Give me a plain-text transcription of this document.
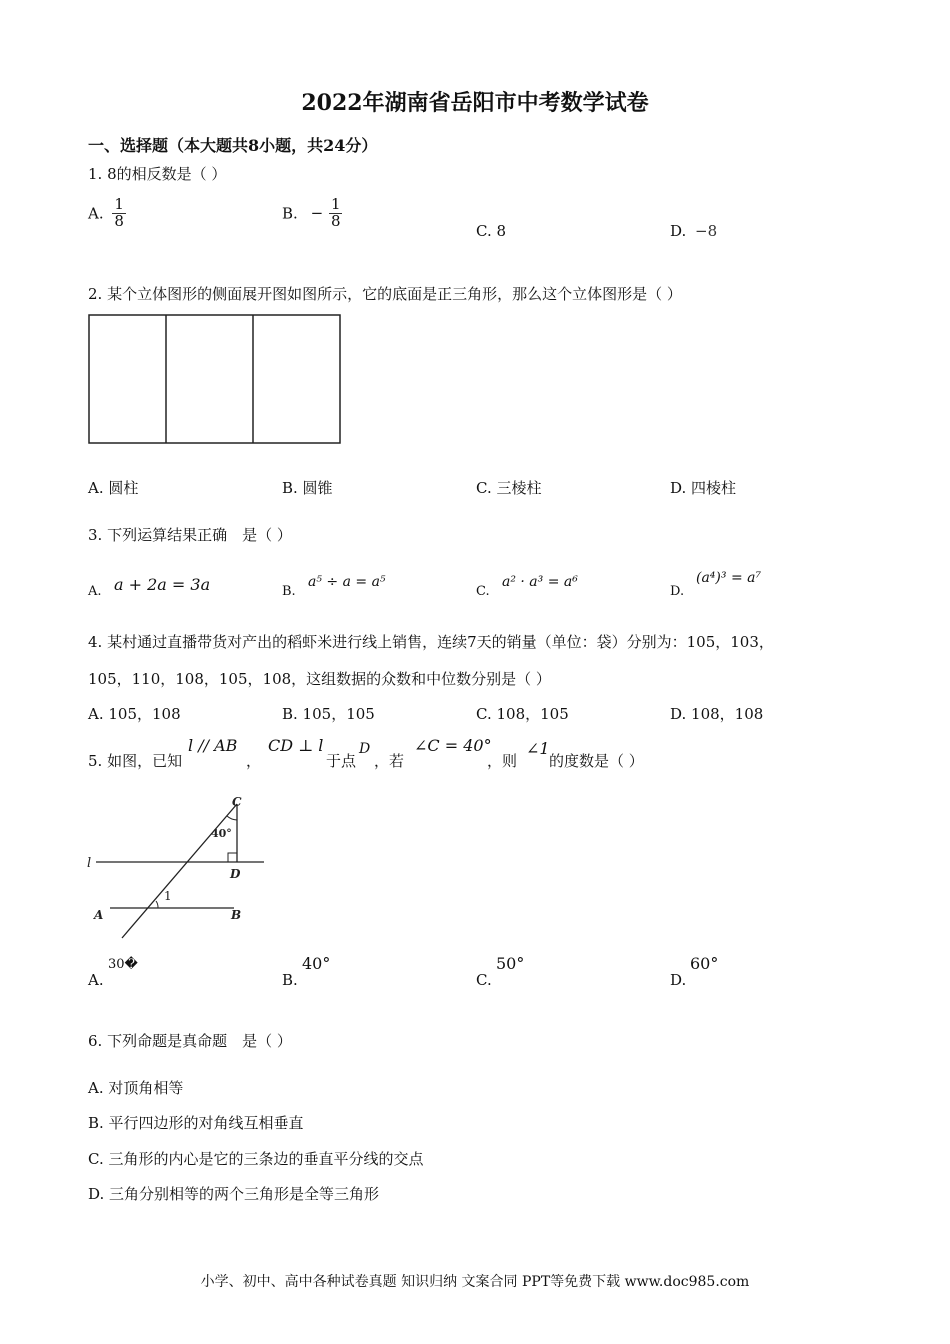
2022年湖南省岳阳市中考数学试卷
一、选择题（本大题共8小题，共24分）
1. 8的相反数是（ ）
A. $\frac{1}{8}$	B. − $\frac{1}{8}$
C. 8	D. −8
2. 某个立体图形的侧面展开图如图所示，它的底面是正三角形，那么这个立体图形是（ ）
A. 圆柱	B. 圆锥	C. 三棱柱	D. 四棱柱
3. 下列运算结果正确　是（ ）
A. a + 2a = 3a	B.
a⁵ ÷ a = a⁵
C.
a² · a³ = a⁶
D.
(a⁴)³ = a⁷
4. 某村通过直播带货对产出的稻虾米进行线上销售，连续7天的销量（单位：袋）分别为：105，103，
105，110，108，105，108，这组数据的众数和中位数分别是（ ）
A. 105，108	B. 105，105	C. 108，105	D. 108，108
5. 如图，已知
l // AB
，
CD ⊥ l
于点
D
，若
∠C = 40°
，则
∠1
的度数是（ ）
C
40°
l
D
1
A	B
A.
30�
B.
40°
C.
50°
D.
60°
6. 下列命题是真命题　是（ ）
A. 对顶角相等
B. 平行四边形的对角线互相垂直
C. 三角形的内心是它的三条边的垂直平分线的交点
D. 三角分别相等的两个三角形是全等三角形
小学、初中、高中各种试卷真题 知识归纳 文案合同 PPT等免费下载 www.doc985.com
